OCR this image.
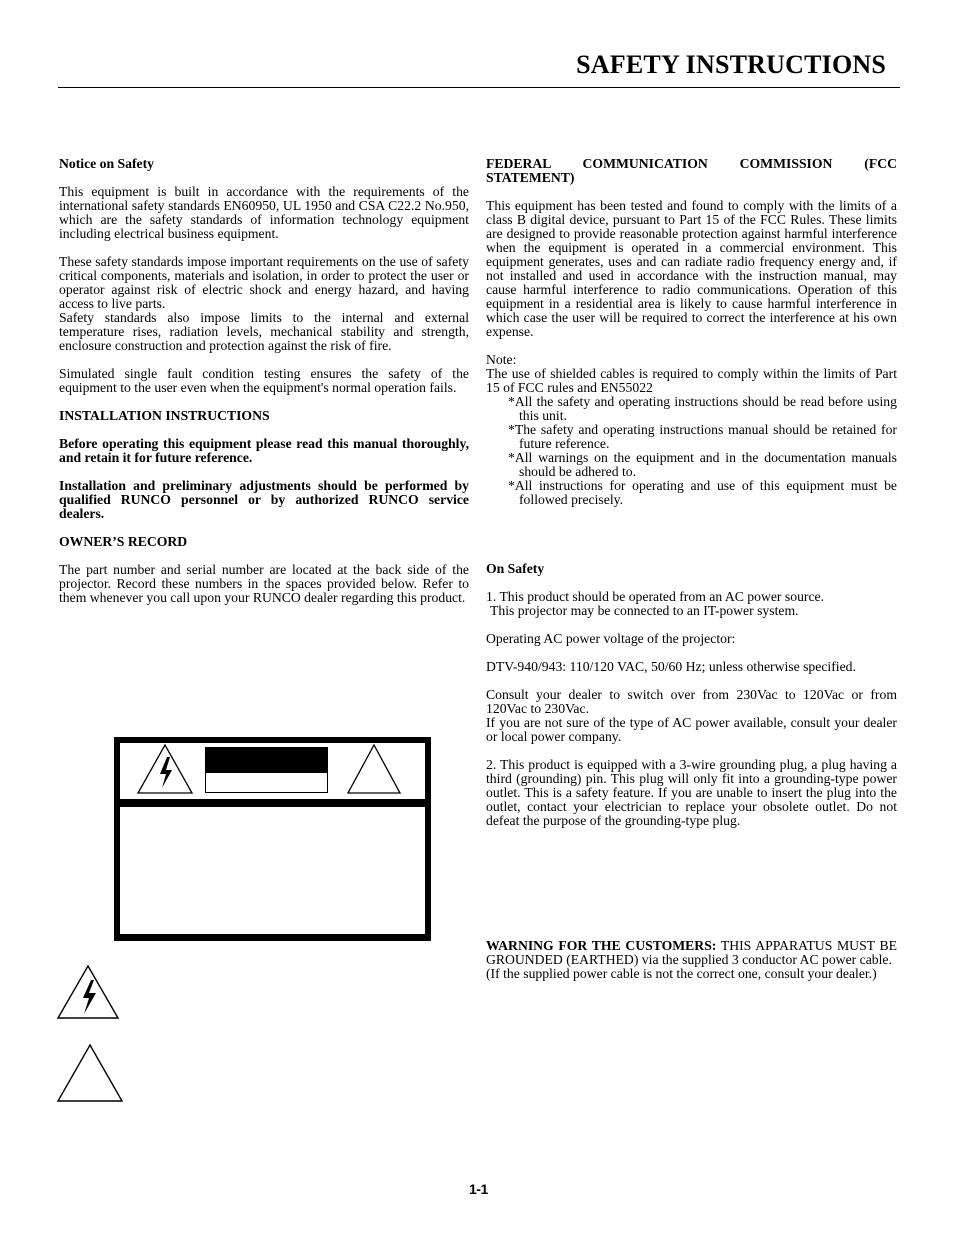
SAFETY INSTRUCTIONS

Notice on Safety

This equipment is built in accordance with the requirements of the international safety standards EN60950, UL 1950 and CSA C22.2 No.950, which are the safety standards of information technology equipment including electrical business equipment.

These safety standards impose important requirements on the use of safety critical components, materials and isolation, in order to protect the user or operator against risk of electric shock and energy hazard, and having access to live parts.

Safety standards also impose limits to the internal and external temperature rises, radiation levels, mechanical stability and strength, enclosure construction and protection against the risk of fire.

Simulated single fault condition testing ensures the safety of the equipment to the user even when the equipment's normal operation fails.

INSTALLATION INSTRUCTIONS

Before operating this equipment please read this manual thoroughly, and retain it for future reference.

Installation and preliminary adjustments should be performed by qualified RUNCO personnel or by authorized RUNCO service dealers.

OWNER’S RECORD

The part number and serial number are located at the back side of the projector. Record these numbers in the spaces provided below. Refer to them whenever you call upon your RUNCO dealer regarding this product.

FEDERAL COMMUNICATION COMMISSION (FCC STATEMENT)

This equipment has been tested and found to comply with the limits of a class B digital device, pursuant to Part 15 of the FCC Rules. These limits are designed to provide reasonable protection against harmful interference when the equipment is operated in a commercial environment. This equipment generates, uses and can radiate radio frequency energy and, if not installed and used in accordance with the instruction manual, may cause harmful interference to radio communications. Operation of this equipment in a residential area is likely to cause harmful interference in which case the user will be required to correct the interference at his own expense.

Note:

The use of shielded cables is required to comply within the limits of Part 15 of FCC rules and EN55022

*All the safety and operating instructions should be read before using this unit.
*The safety and operating instructions manual should be retained for future reference.
*All warnings on the equipment and in the documentation manuals should be adhered to.
*All instructions for operating and use of this equipment must be followed precisely.

On Safety

1. This product should be operated from an AC power source.

This projector may be connected to an IT-power system.

Operating AC power voltage of the projector:

DTV-940/943: 110/120 VAC, 50/60 Hz; unless otherwise specified.

Consult your dealer to switch over from 230Vac to 120Vac or from 120Vac to 230Vac.

If you are not sure of the type of AC power available, consult your dealer or local power company.

2. This product is equipped with a 3-wire grounding plug, a plug having a third (grounding) pin. This plug will only fit into a grounding-type power outlet. This is a safety feature. If you are unable to insert the plug into the outlet, contact your electrician to replace your obsolete outlet. Do not defeat the purpose of the grounding-type plug.

WARNING FOR THE CUSTOMERS: THIS APPARATUS MUST BE GROUNDED (EARTHED) via the supplied 3 conductor AC power cable.

(If the supplied power cable is not the correct one, consult your dealer.)

1-1
